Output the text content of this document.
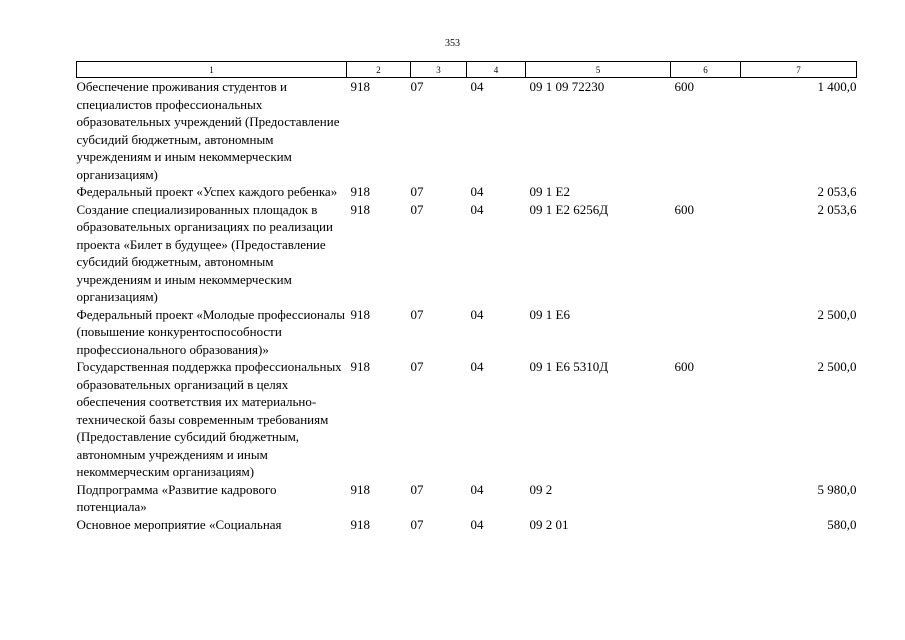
353
1	2	3	4	5	6	7
Обеспечение проживания студентов и специалистов профессиональных образовательных учреждений (Предоставление субсидий бюджетным, автономным учреждениям и иным некоммерческим организациям)	918	07	04	09 1 09 72230	600	1 400,0
Федеральный проект «Успех каждого ребенка»	918	07	04	09 1 E2		2 053,6
Создание специализированных площадок в образовательных организациях по реализации проекта «Билет в будущее» (Предоставление субсидий бюджетным, автономным учреждениям и иным некоммерческим организациям)	918	07	04	09 1 E2 6256Д	600	2 053,6
Федеральный проект «Молодые профессионалы (повышение конкурентоспособности профессионального образования)»	918	07	04	09 1 E6		2 500,0
Государственная поддержка профессиональных образовательных организаций в целях обеспечения соответствия их материально-технической базы современным требованиям (Предоставление субсидий бюджетным, автономным учреждениям и иным некоммерческим организациям)	918	07	04	09 1 E6 5310Д	600	2 500,0
Подпрограмма «Развитие кадрового потенциала»	918	07	04	09 2		5 980,0
Основное мероприятие «Социальная	918	07	04	09 2 01		580,0
